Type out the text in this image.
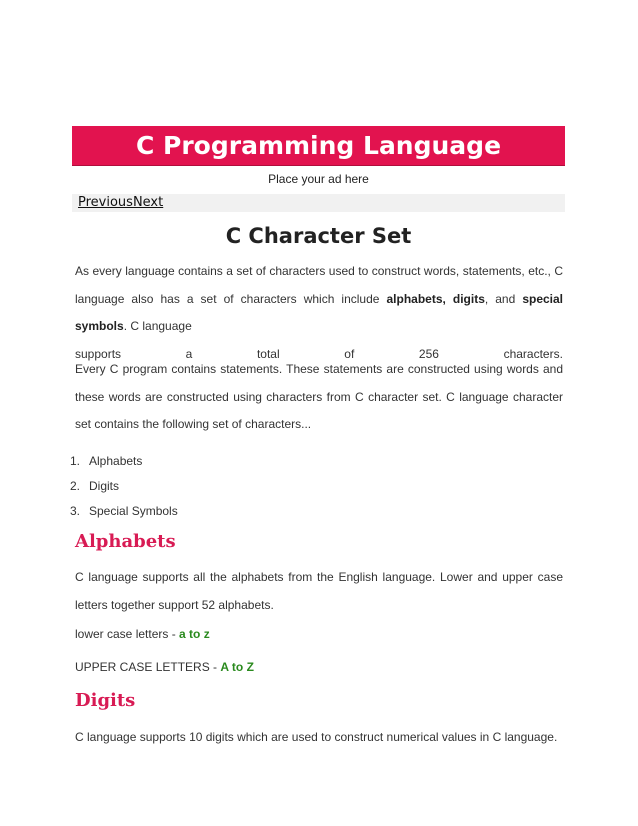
C Programming Language
Place your ad here
PreviousNext
C Character Set
As every language contains a set of characters used to construct words, statements, etc., C language also has a set of characters which include alphabets, digits, and special symbols. C language
supports	a	total	of	256	characters.
Every C program contains statements. These statements are constructed using words and these words are constructed using characters from C character set. C language character set contains the following set of characters...
1. Alphabets
2. Digits
3. Special Symbols
Alphabets
C language supports all the alphabets from the English language. Lower and upper case letters together support 52 alphabets.
lower case letters - a to z
UPPER CASE LETTERS - A to Z
Digits
C language supports 10 digits which are used to construct numerical values in C language.
